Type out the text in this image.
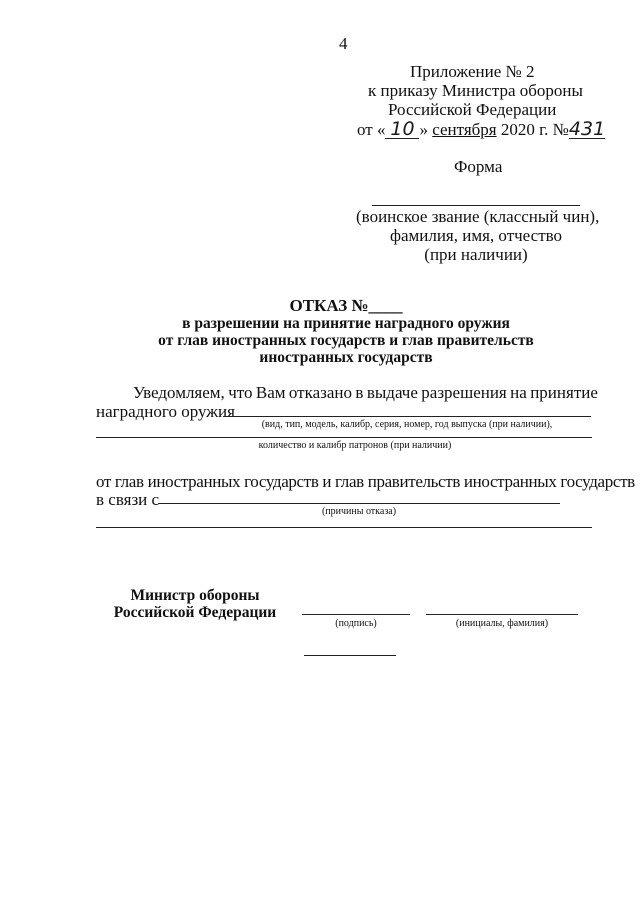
4
Приложение № 2
к приказу Министра обороны
Российской Федерации
от « 10 » сентября 2020 г. №431
Форма
(воинское звание (классный чин),
фамилия, имя, отчество
(при наличии)
ОТКАЗ №____
в разрешении на принятие наградного оружия
от глав иностранных государств и глав правительств
иностранных государств
Уведомляем, что Вам отказано в выдаче разрешения на принятие
наградного оружия
(вид, тип, модель, калибр, серия, номер, год выпуска (при наличии),
количество и калибр патронов (при наличии)
от глав иностранных государств и глав правительств иностранных государств
в связи с
(причины отказа)
Министр обороны
Российской Федерации
(подпись)	(инициалы, фамилия)
